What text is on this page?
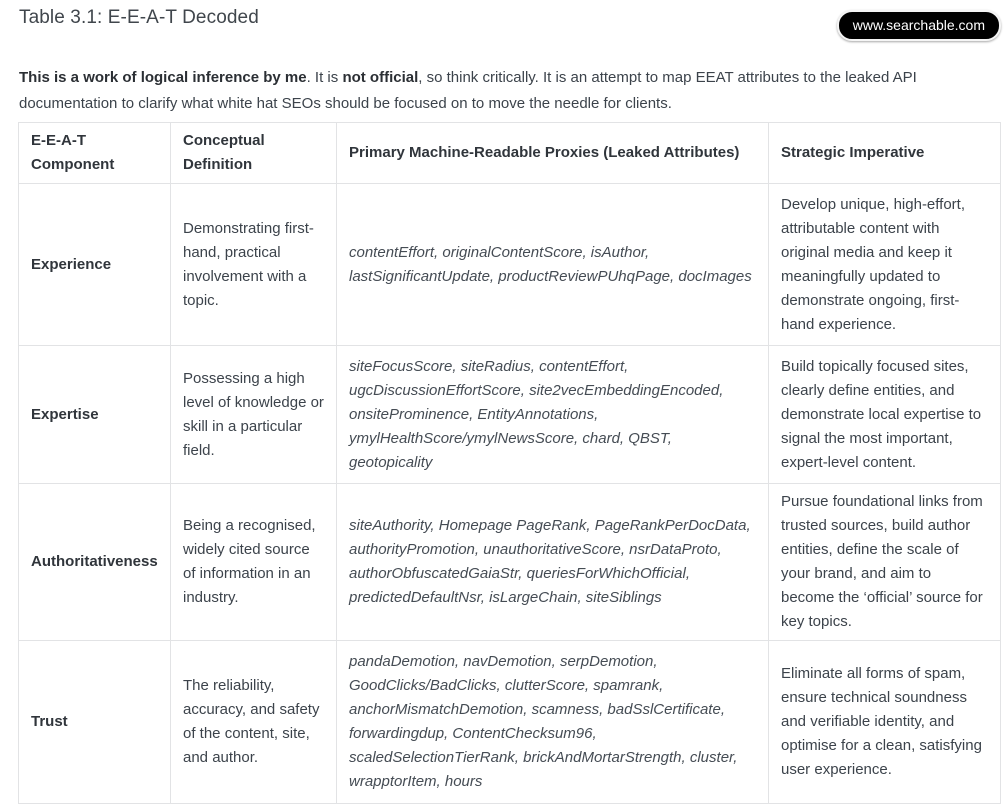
Table 3.1: E-E-A-T Decoded	www.searchable.com

This is a work of logical inference by me. It is not official, so think critically. It is an attempt to map EEAT attributes to the leaked API documentation to clarify what white hat SEOs should be focused on to move the needle for clients.

E-E-A-T Component	Conceptual Definition	Primary Machine-Readable Proxies (Leaked Attributes)	Strategic Imperative
Experience	Demonstrating first-hand, practical involvement with a topic.	contentEffort, originalContentScore, isAuthor, lastSignificantUpdate, productReviewPUhqPage, docImages	Develop unique, high-effort, attributable content with original media and keep it meaningfully updated to demonstrate ongoing, first-hand experience.
Expertise	Possessing a high level of knowledge or skill in a particular field.	siteFocusScore, siteRadius, contentEffort, ugcDiscussionEffortScore, site2vecEmbeddingEncoded, onsiteProminence, EntityAnnotations, ymylHealthScore/ymylNewsScore, chard, QBST, geotopicality	Build topically focused sites, clearly define entities, and demonstrate local expertise to signal the most important, expert-level content.
Authoritativeness	Being a recognised, widely cited source of information in an industry.	siteAuthority, Homepage PageRank, PageRankPerDocData, authorityPromotion, unauthoritativeScore, nsrDataProto, authorObfuscatedGaiaStr, queriesForWhichOfficial, predictedDefaultNsr, isLargeChain, siteSiblings	Pursue foundational links from trusted sources, build author entities, define the scale of your brand, and aim to become the ‘official’ source for key topics.
Trust	The reliability, accuracy, and safety of the content, site, and author.	pandaDemotion, navDemotion, serpDemotion, GoodClicks/BadClicks, clutterScore, spamrank, anchorMismatchDemotion, scamness, badSslCertificate, forwardingdup, ContentChecksum96, scaledSelectionTierRank, brickAndMortarStrength, cluster, wrapptorItem, hours	Eliminate all forms of spam, ensure technical soundness and verifiable identity, and optimise for a clean, satisfying user experience.
